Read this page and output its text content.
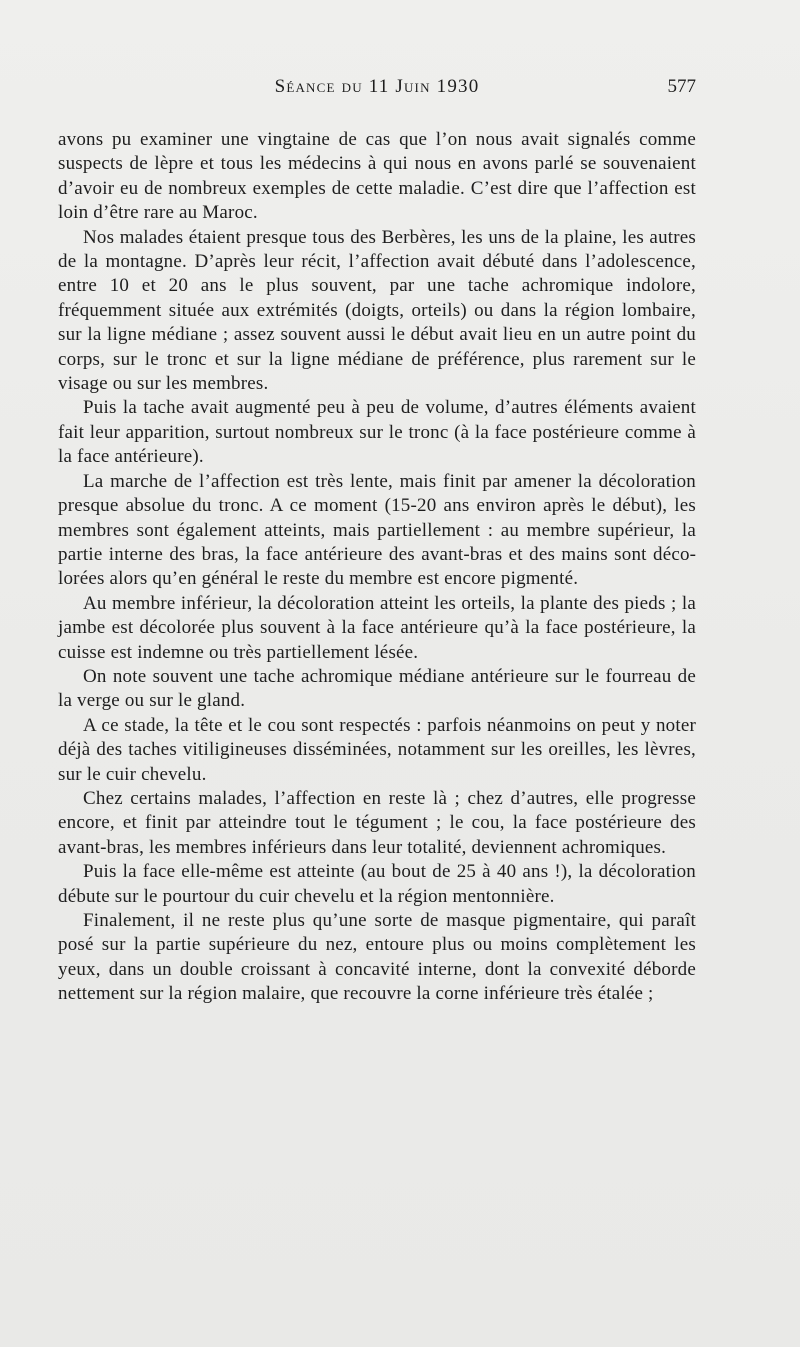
Séance du 11 Juin 1930	577

avons pu examiner une vingtaine de cas que l’on nous avait signalés comme suspects de lèpre et tous les médecins à qui nous en avons parlé se souvenaient d’avoir eu de nombreux exemples de cette maladie. C’est dire que l’affection est loin d’être rare au Maroc.

Nos malades étaient presque tous des Berbères, les uns de la plaine, les autres de la montagne. D’après leur récit, l’affection avait débuté dans l’adolescence, entre 10 et 20 ans le plus souvent, par une tache achromique indolore, fréquemment située aux extrémités (doigts, orteils) ou dans la région lombaire, sur la ligne médiane ; assez souvent aussi le début avait lieu en un autre point du corps, sur le tronc et sur la ligne médiane de préférence, plus rarement sur le visage ou sur les membres.

Puis la tache avait augmenté peu à peu de volume, d’autres éléments avaient fait leur apparition, surtout nombreux sur le tronc (à la face postérieure comme à la face antérieure).

La marche de l’affection est très lente, mais finit par amener la décoloration presque absolue du tronc. A ce moment (15-20 ans environ après le début), les membres sont également atteints, mais partiellement : au membre supérieur, la partie interne des bras, la face antérieure des avant-bras et des mains sont décolorées alors qu’en général le reste du membre est encore pigmenté.

Au membre inférieur, la décoloration atteint les orteils, la plante des pieds ; la jambe est décolorée plus souvent à la face antérieure qu’à la face postérieure, la cuisse est indemne ou très partiellement lésée.

On note souvent une tache achromique médiane antérieure sur le fourreau de la verge ou sur le gland.

A ce stade, la tête et le cou sont respectés : parfois néanmoins on peut y noter déjà des taches vitiligineuses disséminées, notamment sur les oreilles, les lèvres, sur le cuir chevelu.

Chez certains malades, l’affection en reste là ; chez d’autres, elle progresse encore, et finit par atteindre tout le tégument ; le cou, la face postérieure des avant-bras, les membres inférieurs dans leur totalité, deviennent achromiques.

Puis la face elle-même est atteinte (au bout de 25 à 40 ans !), la décoloration débute sur le pourtour du cuir chevelu et la région mentonnière.

Finalement, il ne reste plus qu’une sorte de masque pigmentaire, qui paraît posé sur la partie supérieure du nez, entoure plus ou moins complètement les yeux, dans un double croissant à concavité interne, dont la convexité déborde nettement sur la région malaire, que recouvre la corne inférieure très étalée ;
